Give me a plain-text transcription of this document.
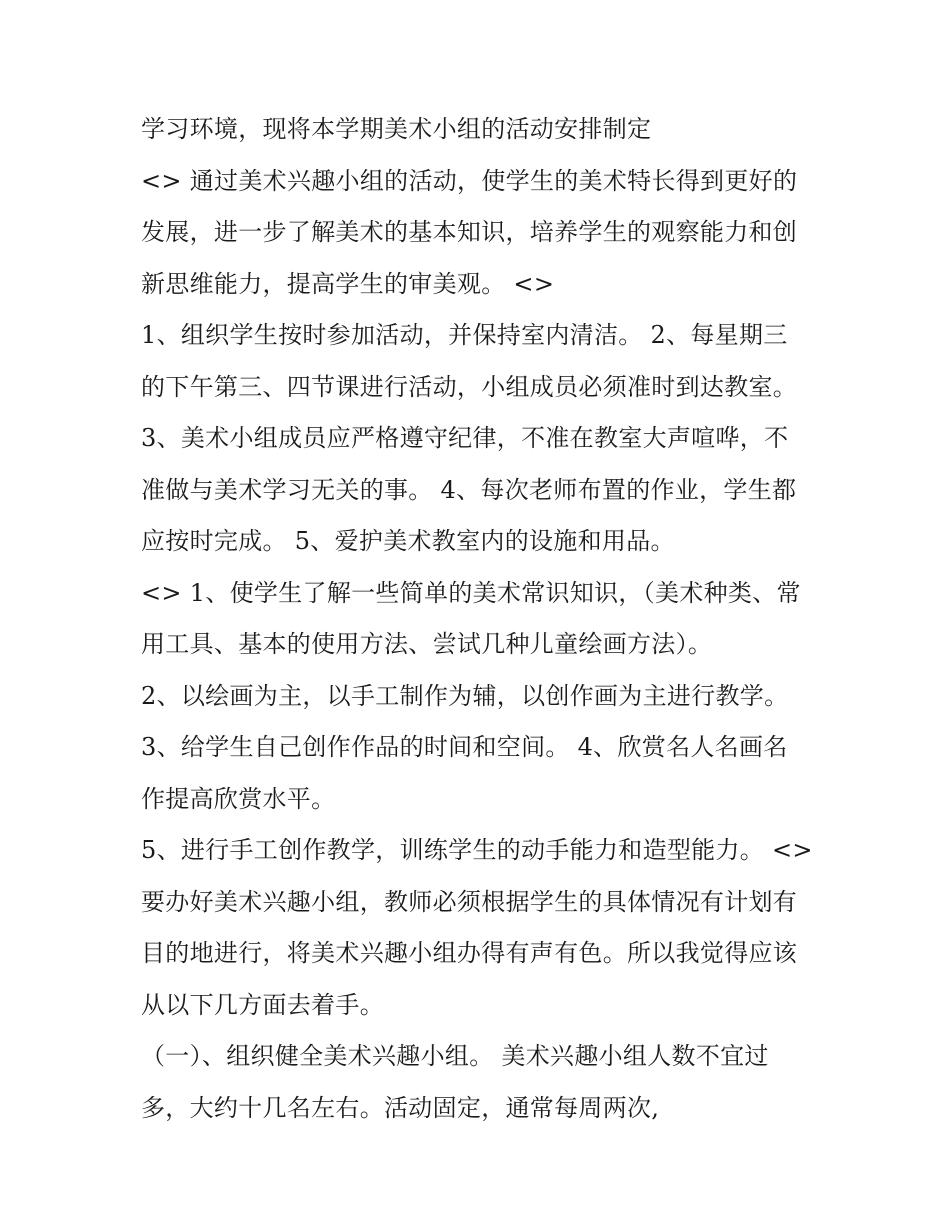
学习环境，现将本学期美术小组的活动安排制定
<> 通过美术兴趣小组的活动，使学生的美术特长得到更好的
发展，进一步了解美术的基本知识，培养学生的观察能力和创
新思维能力，提高学生的审美观。 <>
1、组织学生按时参加活动，并保持室内清洁。 2、每星期三
的下午第三、四节课进行活动，小组成员必须准时到达教室。
3、美术小组成员应严格遵守纪律，不准在教室大声喧哗，不
准做与美术学习无关的事。 4、每次老师布置的作业，学生都
应按时完成。 5、爱护美术教室内的设施和用品。
<> 1、使学生了解一些简单的美术常识知识，（美术种类、常
用工具、基本的使用方法、尝试几种儿童绘画方法）。
2、以绘画为主，以手工制作为辅，以创作画为主进行教学。
3、给学生自己创作作品的时间和空间。 4、欣赏名人名画名
作提高欣赏水平。
5、进行手工创作教学，训练学生的动手能力和造型能力。 <>
要办好美术兴趣小组，教师必须根据学生的具体情况有计划有
目的地进行，将美术兴趣小组办得有声有色。所以我觉得应该
从以下几方面去着手。
（一）、组织健全美术兴趣小组。 美术兴趣小组人数不宜过
多，大约十几名左右。活动固定，通常每周两次,
